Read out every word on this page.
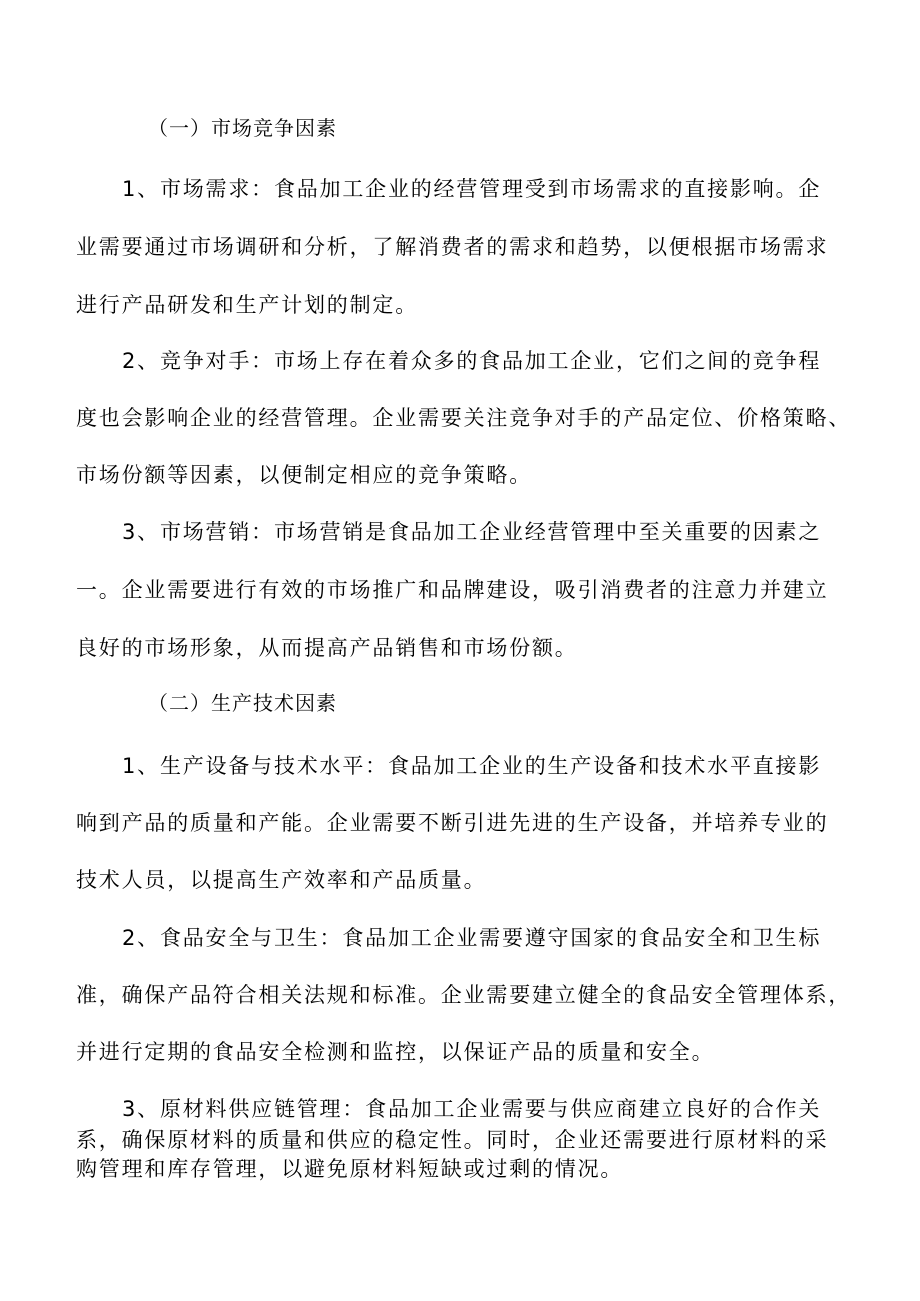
（一）市场竞争因素
1、市场需求：食品加工企业的经营管理受到市场需求的直接影响。企
业需要通过市场调研和分析，了解消费者的需求和趋势，以便根据市场需求
进行产品研发和生产计划的制定。
2、竞争对手：市场上存在着众多的食品加工企业，它们之间的竞争程
度也会影响企业的经营管理。企业需要关注竞争对手的产品定位、价格策略、
市场份额等因素，以便制定相应的竞争策略。
3、市场营销：市场营销是食品加工企业经营管理中至关重要的因素之
一。企业需要进行有效的市场推广和品牌建设，吸引消费者的注意力并建立
良好的市场形象，从而提高产品销售和市场份额。
（二）生产技术因素
1、生产设备与技术水平：食品加工企业的生产设备和技术水平直接影
响到产品的质量和产能。企业需要不断引进先进的生产设备，并培养专业的
技术人员，以提高生产效率和产品质量。
2、食品安全与卫生：食品加工企业需要遵守国家的食品安全和卫生标
准，确保产品符合相关法规和标准。企业需要建立健全的食品安全管理体系，
并进行定期的食品安全检测和监控，以保证产品的质量和安全。
3、原材料供应链管理：食品加工企业需要与供应商建立良好的合作关
系，确保原材料的质量和供应的稳定性。同时，企业还需要进行原材料的采
购管理和库存管理，以避免原材料短缺或过剩的情况。
